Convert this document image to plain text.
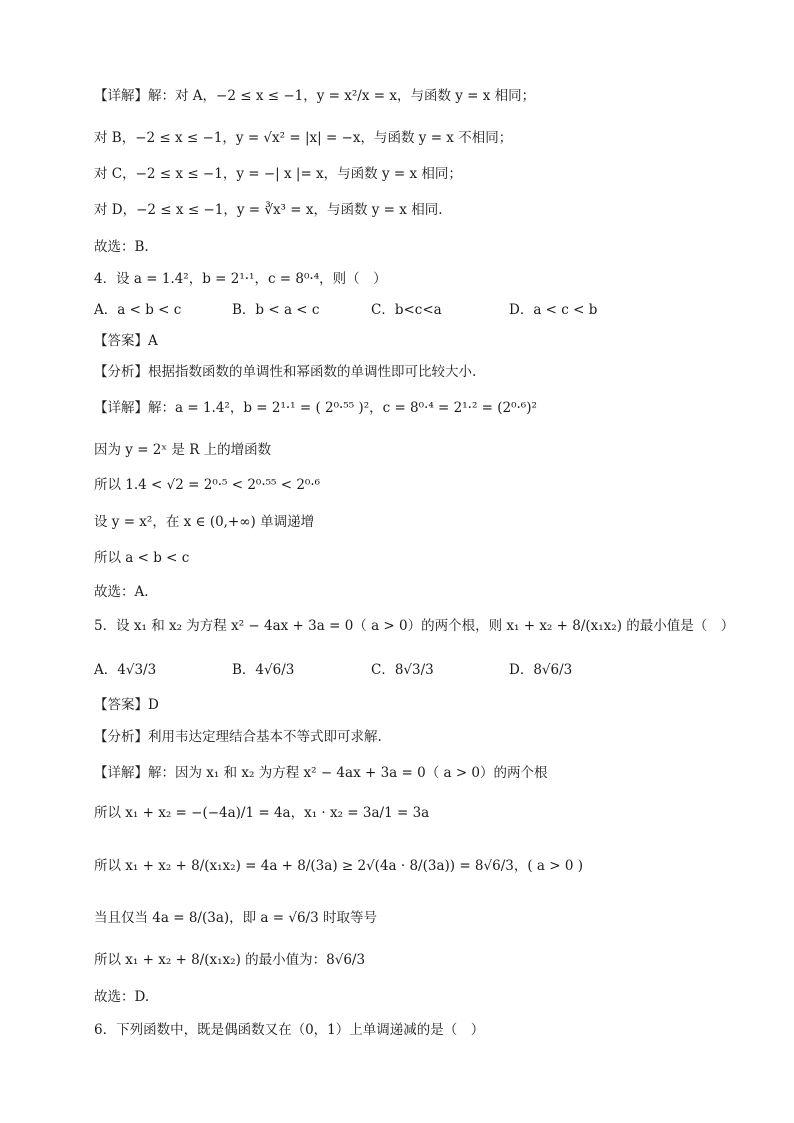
【详解】解：对 A，−2 ≤ x ≤ −1，y = x²/x = x，与函数 y = x 相同；
对 B，−2 ≤ x ≤ −1，y = √x² = |x| = −x，与函数 y = x 不相同；
对 C，−2 ≤ x ≤ −1，y = −| x |= x，与函数 y = x 相同；
对 D，−2 ≤ x ≤ −1，y = ∛x³ = x，与函数 y = x 相同.
故选：B.
4．设 a = 1.4²，b = 2¹·¹，c = 8⁰·⁴，则（　）
A．a < b < c	B．b < a < c	C．b<c<a	D．a < c < b
【答案】A
【分析】根据指数函数的单调性和幂函数的单调性即可比较大小.
【详解】解：a = 1.4²，b = 2¹·¹ = ( 2⁰·⁵⁵ )²，c = 8⁰·⁴ = 2¹·² = (2⁰·⁶)²
因为 y = 2ˣ 是 R 上的增函数
所以 1.4 < √2 = 2⁰·⁵ < 2⁰·⁵⁵ < 2⁰·⁶
设 y = x²，在 x ∈ (0,+∞) 单调递增
所以 a < b < c
故选：A.
5．设 x₁ 和 x₂ 为方程 x² − 4ax + 3a = 0（ a > 0）的两个根，则 x₁ + x₂ + 8/(x₁x₂) 的最小值是（　）
A．4√3/3	B．4√6/3	C．8√3/3	D．8√6/3
【答案】D
【分析】利用韦达定理结合基本不等式即可求解.
【详解】解：因为 x₁ 和 x₂ 为方程 x² − 4ax + 3a = 0（ a > 0）的两个根
所以 x₁ + x₂ = −(−4a)/1 = 4a，x₁ · x₂ = 3a/1 = 3a
所以 x₁ + x₂ + 8/(x₁x₂) = 4a + 8/(3a) ≥ 2√(4a · 8/(3a)) = 8√6/3，( a > 0 )
当且仅当 4a = 8/(3a)，即 a = √6/3 时取等号
所以 x₁ + x₂ + 8/(x₁x₂) 的最小值为：8√6/3
故选：D.
6．下列函数中，既是偶函数又在（0，1）上单调递减的是（　）
